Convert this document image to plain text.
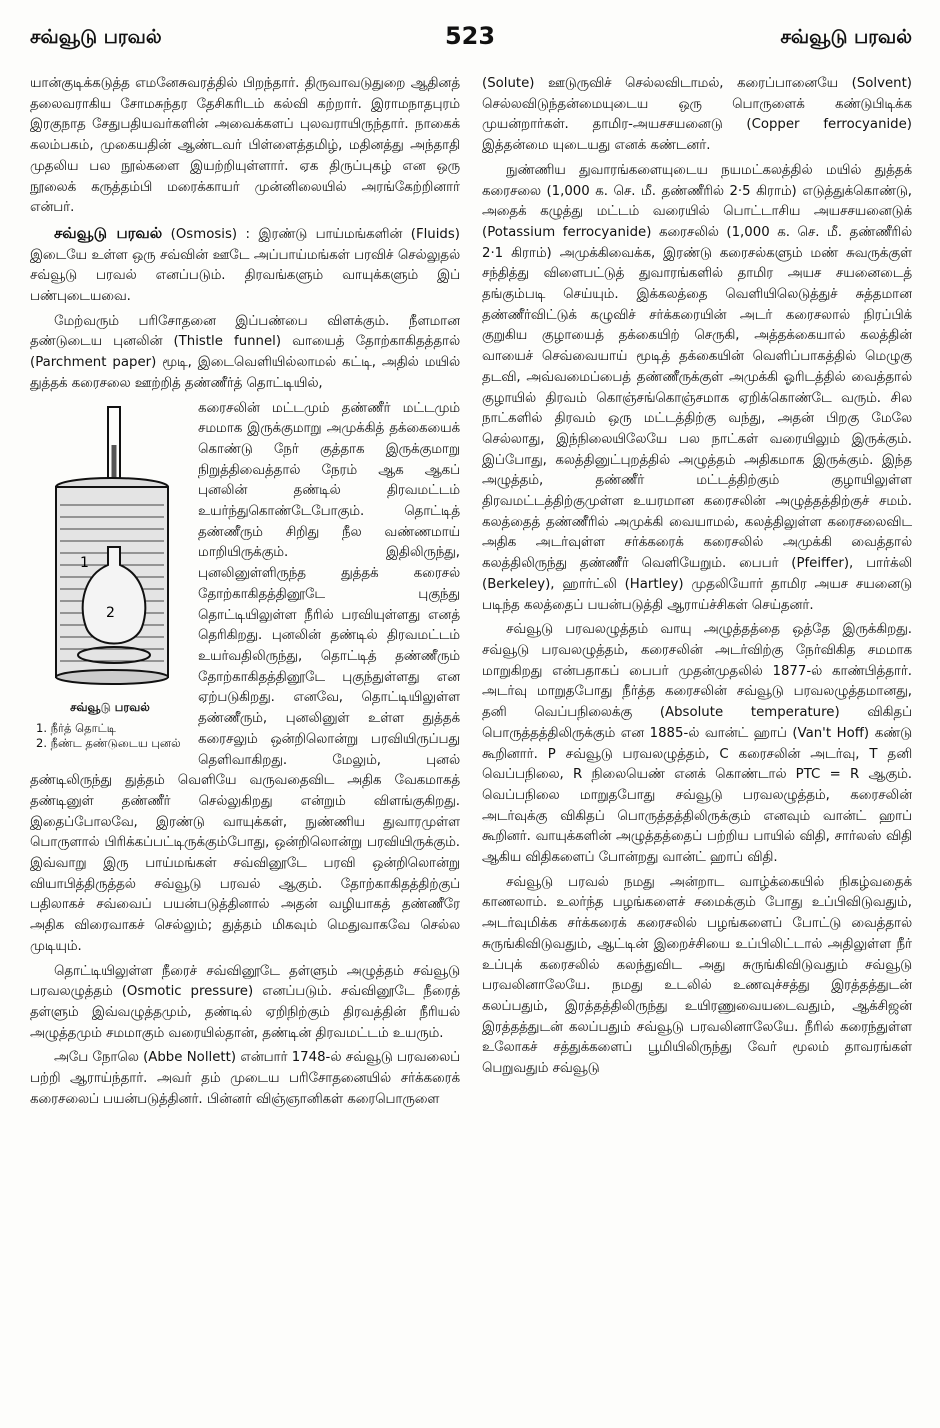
சவ்வூடு பரவல்	523	சவ்வூடு பரவல்

யான்குடிக்கடுத்த எமனேசுவரத்தில் பிறந்தார். திருவாவடுதுறை ஆதினத் தலைவராகிய சோமசுந்தர தேசிகரிடம் கல்வி கற்றார். இராமநாதபுரம் இரகுநாத சேதுபதியவர்களின் அவைக்களப் புலவராயிருந்தார். நாகைக் கலம்பகம், முகையதின் ஆண்டவர் பிள்ளைத்தமிழ், மதினத்து அந்தாதி முதலிய பல நூல்களை இயற்றியுள்ளார். ஏக திருப்புகழ் என ஒரு நூலைக் கருத்தம்பி மரைக்காயர் முன்னிலையில் அரங்கேற்றினார் என்பர்.

சவ்வூடு பரவல் (Osmosis) : இரண்டு பாய்மங்களின் (Fluids) இடையே உள்ள ஒரு சவ்வின் ஊடே அப்பாய்மங்கள் பரவிச் செல்லுதல் சவ்வூடு பரவல் எனப்படும். திரவங்களும் வாயுக்களும் இப் பண்புடையவை.

மேற்வரும் பரிசோதனை இப்பண்பை விளக்கும். நீளமான தண்டுடைய புனலின் (Thistle funnel) வாயைத் தோற்காகிதத்தால் (Parchment paper) மூடி, இடைவெளியில்லாமல் கட்டி, அதில் மயில் துத்தக் கரைசலை ஊற்றித் தண்ணீர்த் தொட்டியில்,

1
2
சவ்வூடு பரவல்
1. நீர்த் தொட்டி
2. நீண்ட தண்டுடைய புனல்

கரைசலின் மட்டமும் தண்ணீர் மட்டமும் சமமாக இருக்குமாறு அமுக்கித் தக்கையைக் கொண்டு நேர் குத்தாக இருக்குமாறு நிறுத்திவைத்தால் நேரம் ஆக ஆகப் புனலின் தண்டில் திரவமட்டம் உயர்ந்துகொண்டேபோகும். தொட்டித் தண்ணீரும் சிறிது நீல வண்ணமாய் மாறியிருக்கும். இதிலிருந்து, புனலினுள்ளிருந்த துத்தக் கரைசல் தோற்காகிதத்தினூடே புகுந்து தொட்டியிலுள்ள நீரில் பரவியுள்ளது எனத் தெரிகிறது. புனலின் தண்டில் திரவமட்டம் உயர்வதிலிருந்து, தொட்டித் தண்ணீரும் தோற்காகிதத்தினூடே புகுந்துள்ளது என ஏற்படுகிறது. எனவே, தொட்டியிலுள்ள தண்ணீரும், புனலினுள் உள்ள துத்தக் கரைசலும் ஒன்றிலொன்று பரவியிருப்பது தெளிவாகிறது. மேலும், புனல் தண்டிலிருந்து துத்தம் வெளியே வருவதைவிட அதிக வேகமாகத் தண்டினுள் தண்ணீர் செல்லுகிறது என்றும் விளங்குகிறது. இதைப்போலவே, இரண்டு வாயுக்கள், நுண்ணிய துவாரமுள்ள பொருளால் பிரிக்கப்பட்டிருக்கும்போது, ஒன்றிலொன்று பரவியிருக்கும். இவ்வாறு இரு பாய்மங்கள் சவ்வினூடே பரவி ஒன்றிலொன்று வியாபித்திருத்தல் சவ்வூடு பரவல் ஆகும். தோற்காகிதத்திற்குப் பதிலாகச் சவ்வைப் பயன்படுத்தினால் அதன் வழியாகத் தண்ணீரே அதிக விரைவாகச் செல்லும்; துத்தம் மிகவும் மெதுவாகவே செல்ல முடியும்.

தொட்டியிலுள்ள நீரைச் சவ்வினூடே தள்ளும் அழுத்தம் சவ்வூடு பரவலழுத்தம் (Osmotic pressure) எனப்படும். சவ்வினூடே நீரைத் தள்ளும் இவ்வழுத்தமும், தண்டில் ஏறிநிற்கும் திரவத்தின் நீரியல் அழுத்தமும் சமமாகும் வரையில்தான், தண்டின் திரவமட்டம் உயரும்.

அபே நோலெ (Abbe Nollett) என்பார் 1748-ல் சவ்வூடு பரவலைப் பற்றி ஆராய்ந்தார். அவர் தம் முடைய பரிசோதனையில் சர்க்கரைக் கரைசலைப் பயன்படுத்தினர். பின்னர் விஞ்ஞானிகள் கரைபொருளை

(Solute) ஊடுருவிச் செல்லவிடாமல், கரைப்பானையே (Solvent) செல்லவிடுந்தன்மையுடைய ஒரு பொருளைக் கண்டுபிடிக்க முயன்றார்கள். தாமிர-அயசசயனைடு (Copper ferrocyanide) இத்தன்மை யுடையது எனக் கண்டனர்.

நுண்ணிய துவாரங்களையுடைய நயமட்கலத்தில் மயில் துத்தக் கரைசலை (1,000 க. செ. மீ. தண்ணீரில் 2·5 கிராம்) எடுத்துக்கொண்டு, அதைக் கழுத்து மட்டம் வரையில் பொட்டாசிய அயசசயனைடுக் (Potassium ferrocyanide) கரைசலில் (1,000 க. செ. மீ. தண்ணீரில் 2·1 கிராம்) அமுக்கிவைக்க, இரண்டு கரைசல்களும் மண் சுவருக்குள் சந்தித்து விளைபட்டுத் துவாரங்களில் தாமிர அயச சயனைடைத் தங்கும்படி செய்யும். இக்கலத்தை வெளியிலெடுத்துச் சுத்தமான தண்ணீர்விட்டுக் கழுவிச் சர்க்கரையின் அடர் கரைசலால் நிரப்பிக் குறுகிய குழாயைத் தக்கையிற் செருகி, அத்தக்கையால் கலத்தின் வாயைச் செவ்வையாய் மூடித் தக்கையின் வெளிப்பாகத்தில் மெழுகு தடவி, அவ்வமைப்பைத் தண்ணீருக்குள் அமுக்கி ஓரிடத்தில் வைத்தால் குழாயில் திரவம் கொஞ்சங்கொஞ்சமாக ஏறிக்கொண்டே வரும். சில நாட்களில் திரவம் ஒரு மட்டத்திற்கு வந்து, அதன் பிறகு மேலே செல்லாது, இந்நிலையிலேயே பல நாட்கள் வரையிலும் இருக்கும். இப்போது, கலத்தினுட்புறத்தில் அழுத்தம் அதிகமாக இருக்கும். இந்த அழுத்தம், தண்ணீர் மட்டத்திற்கும் குழாயிலுள்ள திரவமட்டத்திற்குமுள்ள உயரமான கரைசலின் அழுத்தத்திற்குச் சமம். கலத்தைத் தண்ணீரில் அமுக்கி வையாமல், கலத்திலுள்ள கரைசலைவிட அதிக அடர்வுள்ள சர்க்கரைக் கரைசலில் அமுக்கி வைத்தால் கலத்திலிருந்து தண்ணீர் வெளியேறும். பைபர் (Pfeiffer), பார்க்லி (Berkeley), ஹார்ட்லி (Hartley) முதலியோர் தாமிர அயச சயனைடு படிந்த கலத்தைப் பயன்படுத்தி ஆராய்ச்சிகள் செய்தனர்.

சவ்வூடு பரவலழுத்தம் வாயு அழுத்தத்தை ஒத்தே இருக்கிறது. சவ்வூடு பரவலழுத்தம், கரைசலின் அடர்விற்கு நேர்விகித சமமாக மாறுகிறது என்பதாகப் பைபர் முதன்முதலில் 1877-ல் காண்பித்தார். அடர்வு மாறுதபோது நீர்த்த கரைசலின் சவ்வூடு பரவலழுத்தமானது, தனி வெப்பநிலைக்கு (Absolute temperature) விகிதப் பொருத்தத்திலிருக்கும் என 1885-ல் வான்ட் ஹாப் (Van't Hoff) கண்டு கூறினார். P சவ்வூடு பரவலழுத்தம், C கரைசலின் அடர்வு, T தனி வெப்பநிலை, R நிலையெண் எனக் கொண்டால் PTC = R ஆகும். வெப்பநிலை மாறுதபோது சவ்வூடு பரவலழுத்தம், கரைசலின் அடர்வுக்கு விகிதப் பொருத்தத்திலிருக்கும் எனவும் வான்ட் ஹாப் கூறினர். வாயுக்களின் அழுத்தத்தைப் பற்றிய பாயில் விதி, சார்லஸ் விதி ஆகிய விதிகளைப் போன்றது வான்ட் ஹாப் விதி.

சவ்வூடு பரவல் நமது அன்றாட வாழ்க்கையில் நிகழ்வதைக் காணலாம். உலர்ந்த பழங்களைச் சமைக்கும் போது உப்பிவிடுவதும், அடர்வுமிக்க சர்க்கரைக் கரைசலில் பழங்களைப் போட்டு வைத்தால் சுருங்கிவிடுவதும், ஆட்டின் இறைச்சியை உப்பிலிட்டால் அதிலுள்ள நீர் உப்புக் கரைசலில் கலந்துவிட அது சுருங்கிவிடுவதும் சவ்வூடு பரவலினாலேயே. நமது உடலில் உணவுச்சத்து இரத்தத்துடன் கலப்பதும், இரத்தத்திலிருந்து உயிரணுவையடைவதும், ஆக்சிஜன் இரத்தத்துடன் கலப்பதும் சவ்வூடு பரவலினாலேயே. நீரில் கரைந்துள்ள உலோகச் சத்துக்களைப் பூமியிலிருந்து வேர் மூலம் தாவரங்கள் பெறுவதும் சவ்வூடு
